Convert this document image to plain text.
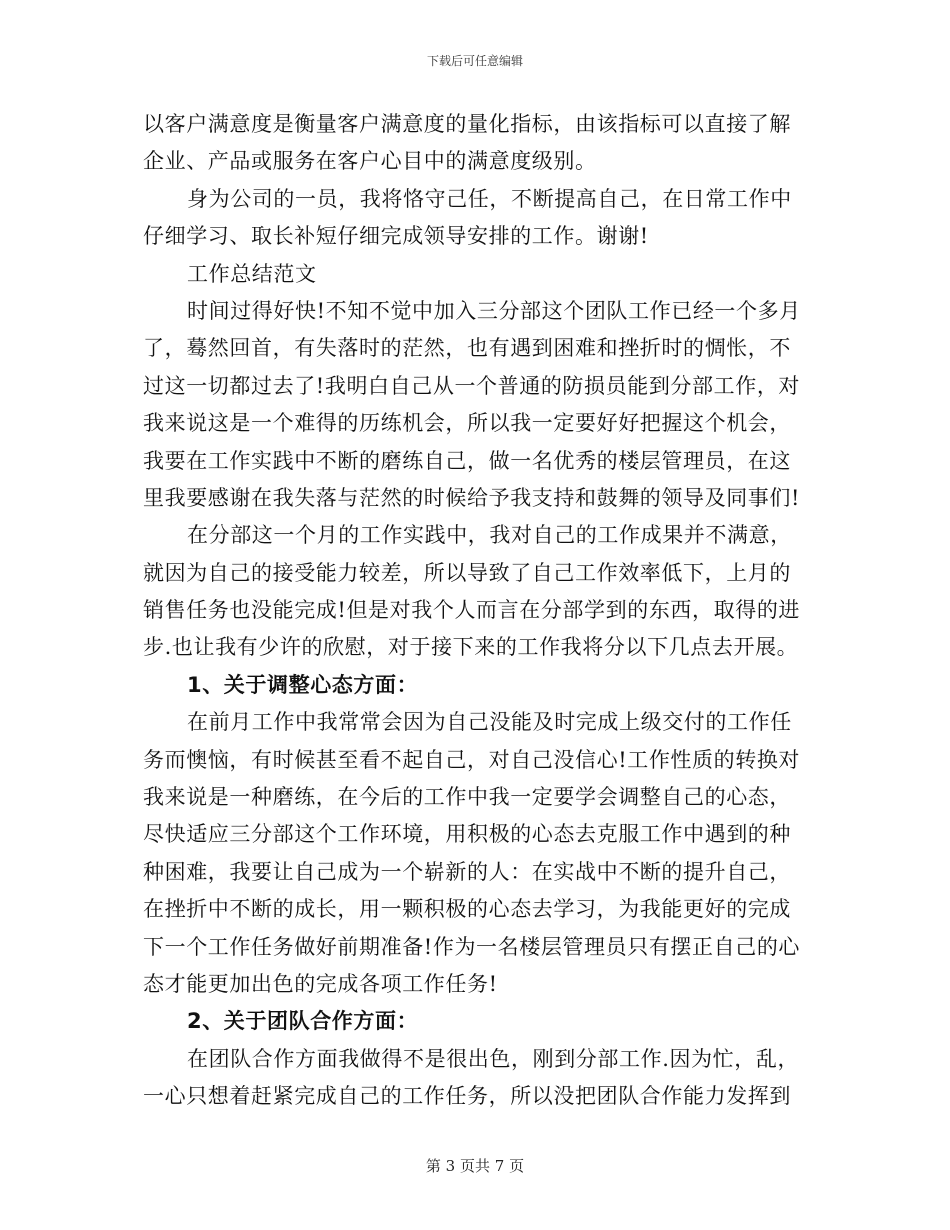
下载后可任意编辑
以客户满意度是衡量客户满意度的量化指标，由该指标可以直接了解
企业、产品或服务在客户心目中的满意度级别。
身为公司的一员，我将恪守己任，不断提高自己，在日常工作中
仔细学习、取长补短仔细完成领导安排的工作。谢谢!
工作总结范文
时间过得好快!不知不觉中加入三分部这个团队工作已经一个多月
了，蓦然回首，有失落时的茫然，也有遇到困难和挫折时的惆怅，不
过这一切都过去了!我明白自己从一个普通的防损员能到分部工作，对
我来说这是一个难得的历练机会，所以我一定要好好把握这个机会，
我要在工作实践中不断的磨练自己，做一名优秀的楼层管理员，在这
里我要感谢在我失落与茫然的时候给予我支持和鼓舞的领导及同事们!
在分部这一个月的工作实践中，我对自己的工作成果并不满意，
就因为自己的接受能力较差，所以导致了自己工作效率低下，上月的
销售任务也没能完成!但是对我个人而言在分部学到的东西，取得的进
步.也让我有少许的欣慰，对于接下来的工作我将分以下几点去开展。
1、关于调整心态方面：
在前月工作中我常常会因为自己没能及时完成上级交付的工作任
务而懊恼，有时候甚至看不起自己，对自己没信心!工作性质的转换对
我来说是一种磨练，在今后的工作中我一定要学会调整自己的心态，
尽快适应三分部这个工作环境，用积极的心态去克服工作中遇到的种
种困难，我要让自己成为一个崭新的人：在实战中不断的提升自己，
在挫折中不断的成长，用一颗积极的心态去学习，为我能更好的完成
下一个工作任务做好前期准备!作为一名楼层管理员只有摆正自己的心
态才能更加出色的完成各项工作任务!
2、关于团队合作方面：
在团队合作方面我做得不是很出色，刚到分部工作.因为忙，乱，
一心只想着赶紧完成自己的工作任务，所以没把团队合作能力发挥到
第 3 页共 7 页
